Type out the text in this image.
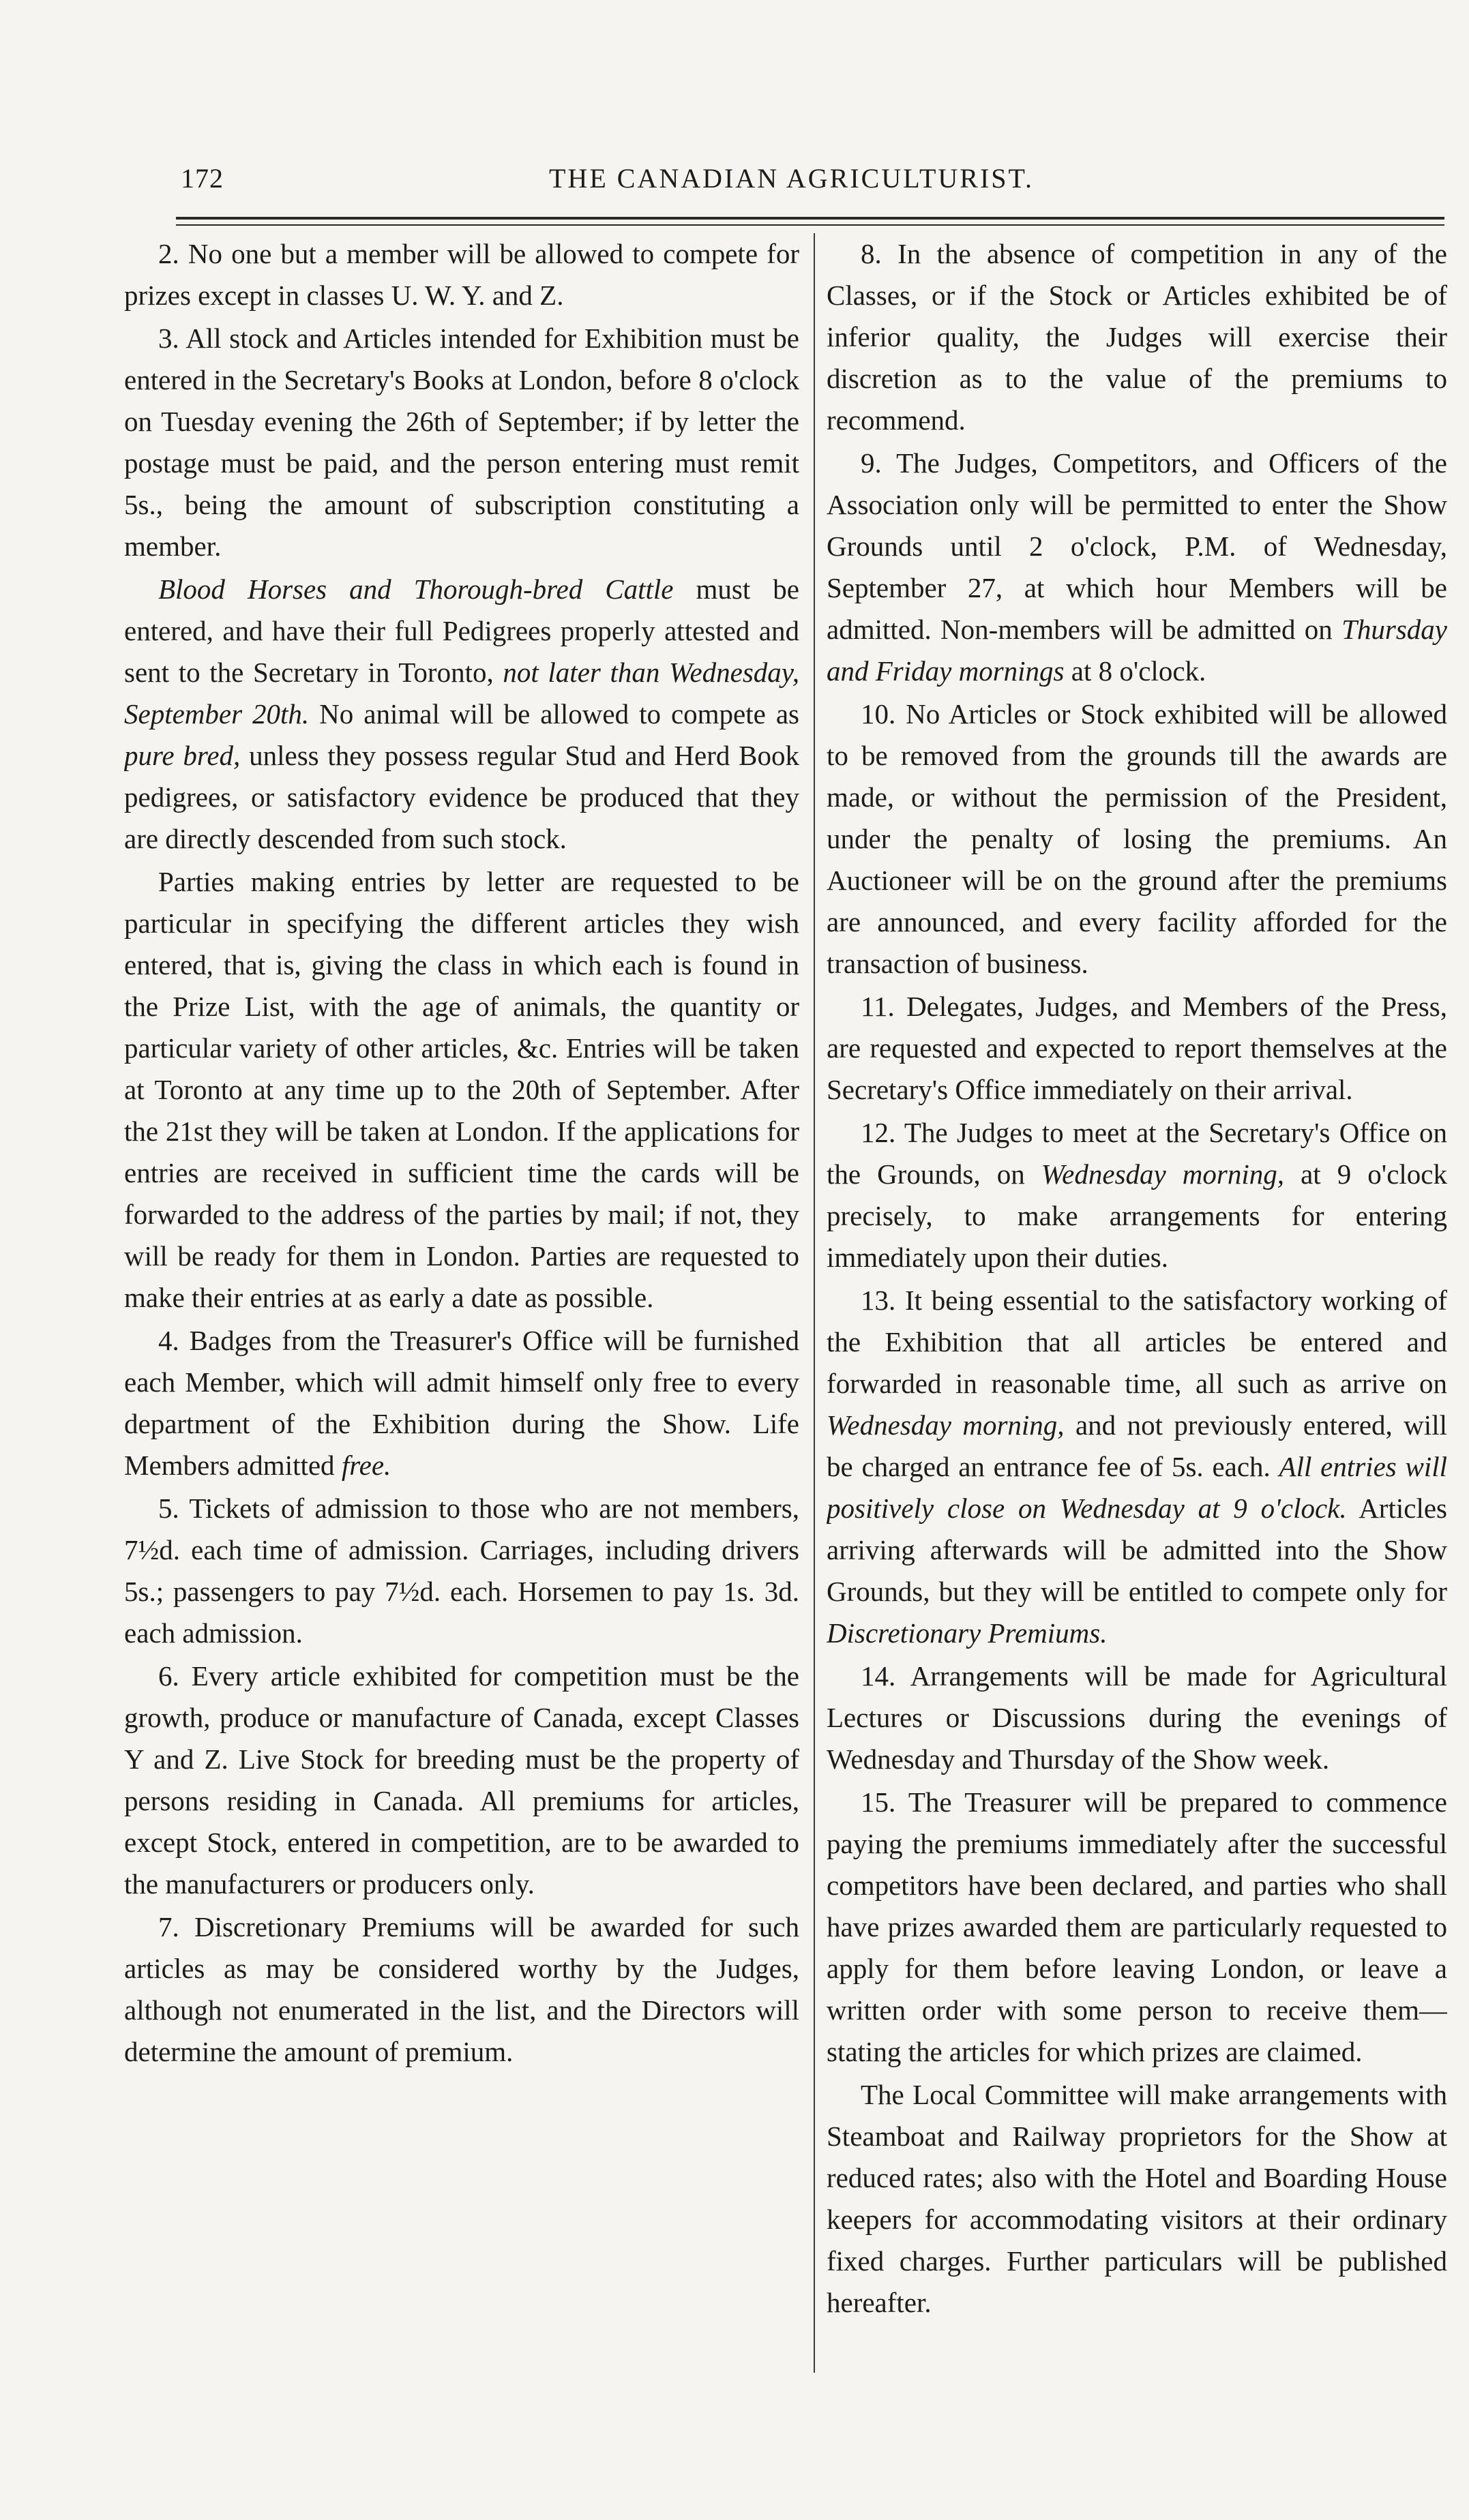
172	THE CANADIAN AGRICULTURIST.

2. No one but a member will be allowed to compete for prizes except in classes U. W. Y. and Z.

3. All stock and Articles intended for Exhibition must be entered in the Secretary's Books at London, before 8 o'clock on Tuesday evening the 26th of September; if by letter the postage must be paid, and the person entering must remit 5s., being the amount of subscription constituting a member.

Blood Horses and Thorough-bred Cattle must be entered, and have their full Pedigrees properly attested and sent to the Secretary in Toronto, not later than Wednesday, September 20th. No animal will be allowed to compete as pure bred, unless they possess regular Stud and Herd Book pedigrees, or satisfactory evidence be produced that they are directly descended from such stock.

Parties making entries by letter are requested to be particular in specifying the different articles they wish entered, that is, giving the class in which each is found in the Prize List, with the age of animals, the quantity or particular variety of other articles, &c. Entries will be taken at Toronto at any time up to the 20th of September. After the 21st they will be taken at London. If the applications for entries are received in sufficient time the cards will be forwarded to the address of the parties by mail; if not, they will be ready for them in London. Parties are requested to make their entries at as early a date as possible.

4. Badges from the Treasurer's Office will be furnished each Member, which will admit himself only free to every department of the Exhibition during the Show. Life Members admitted free.

5. Tickets of admission to those who are not members, 7½d. each time of admission. Carriages, including drivers 5s.; passengers to pay 7½d. each. Horsemen to pay 1s. 3d. each admission.

6. Every article exhibited for competition must be the growth, produce or manufacture of Canada, except Classes Y and Z. Live Stock for breeding must be the property of persons residing in Canada. All premiums for articles, except Stock, entered in competition, are to be awarded to the manufacturers or producers only.

7. Discretionary Premiums will be awarded for such articles as may be considered worthy by the Judges, although not enumerated in the list, and the Directors will determine the amount of premium.

8. In the absence of competition in any of the Classes, or if the Stock or Articles exhibited be of inferior quality, the Judges will exercise their discretion as to the value of the premiums to recommend.

9. The Judges, Competitors, and Officers of the Association only will be permitted to enter the Show Grounds until 2 o'clock, P.M. of Wednesday, September 27, at which hour Members will be admitted. Non-members will be admitted on Thursday and Friday mornings at 8 o'clock.

10. No Articles or Stock exhibited will be allowed to be removed from the grounds till the awards are made, or without the permission of the President, under the penalty of losing the premiums. An Auctioneer will be on the ground after the premiums are announced, and every facility afforded for the transaction of business.

11. Delegates, Judges, and Members of the Press, are requested and expected to report themselves at the Secretary's Office immediately on their arrival.

12. The Judges to meet at the Secretary's Office on the Grounds, on Wednesday morning, at 9 o'clock precisely, to make arrangements for entering immediately upon their duties.

13. It being essential to the satisfactory working of the Exhibition that all articles be entered and forwarded in reasonable time, all such as arrive on Wednesday morning, and not previously entered, will be charged an entrance fee of 5s. each. All entries will positively close on Wednesday at 9 o'clock. Articles arriving afterwards will be admitted into the Show Grounds, but they will be entitled to compete only for Discretionary Premiums.

14. Arrangements will be made for Agricultural Lectures or Discussions during the evenings of Wednesday and Thursday of the Show week.

15. The Treasurer will be prepared to commence paying the premiums immediately after the successful competitors have been declared, and parties who shall have prizes awarded them are particularly requested to apply for them before leaving London, or leave a written order with some person to receive them—stating the articles for which prizes are claimed.

The Local Committee will make arrangements with Steamboat and Railway proprietors for the Show at reduced rates; also with the Hotel and Boarding House keepers for accommodating visitors at their ordinary fixed charges. Further particulars will be published hereafter.
